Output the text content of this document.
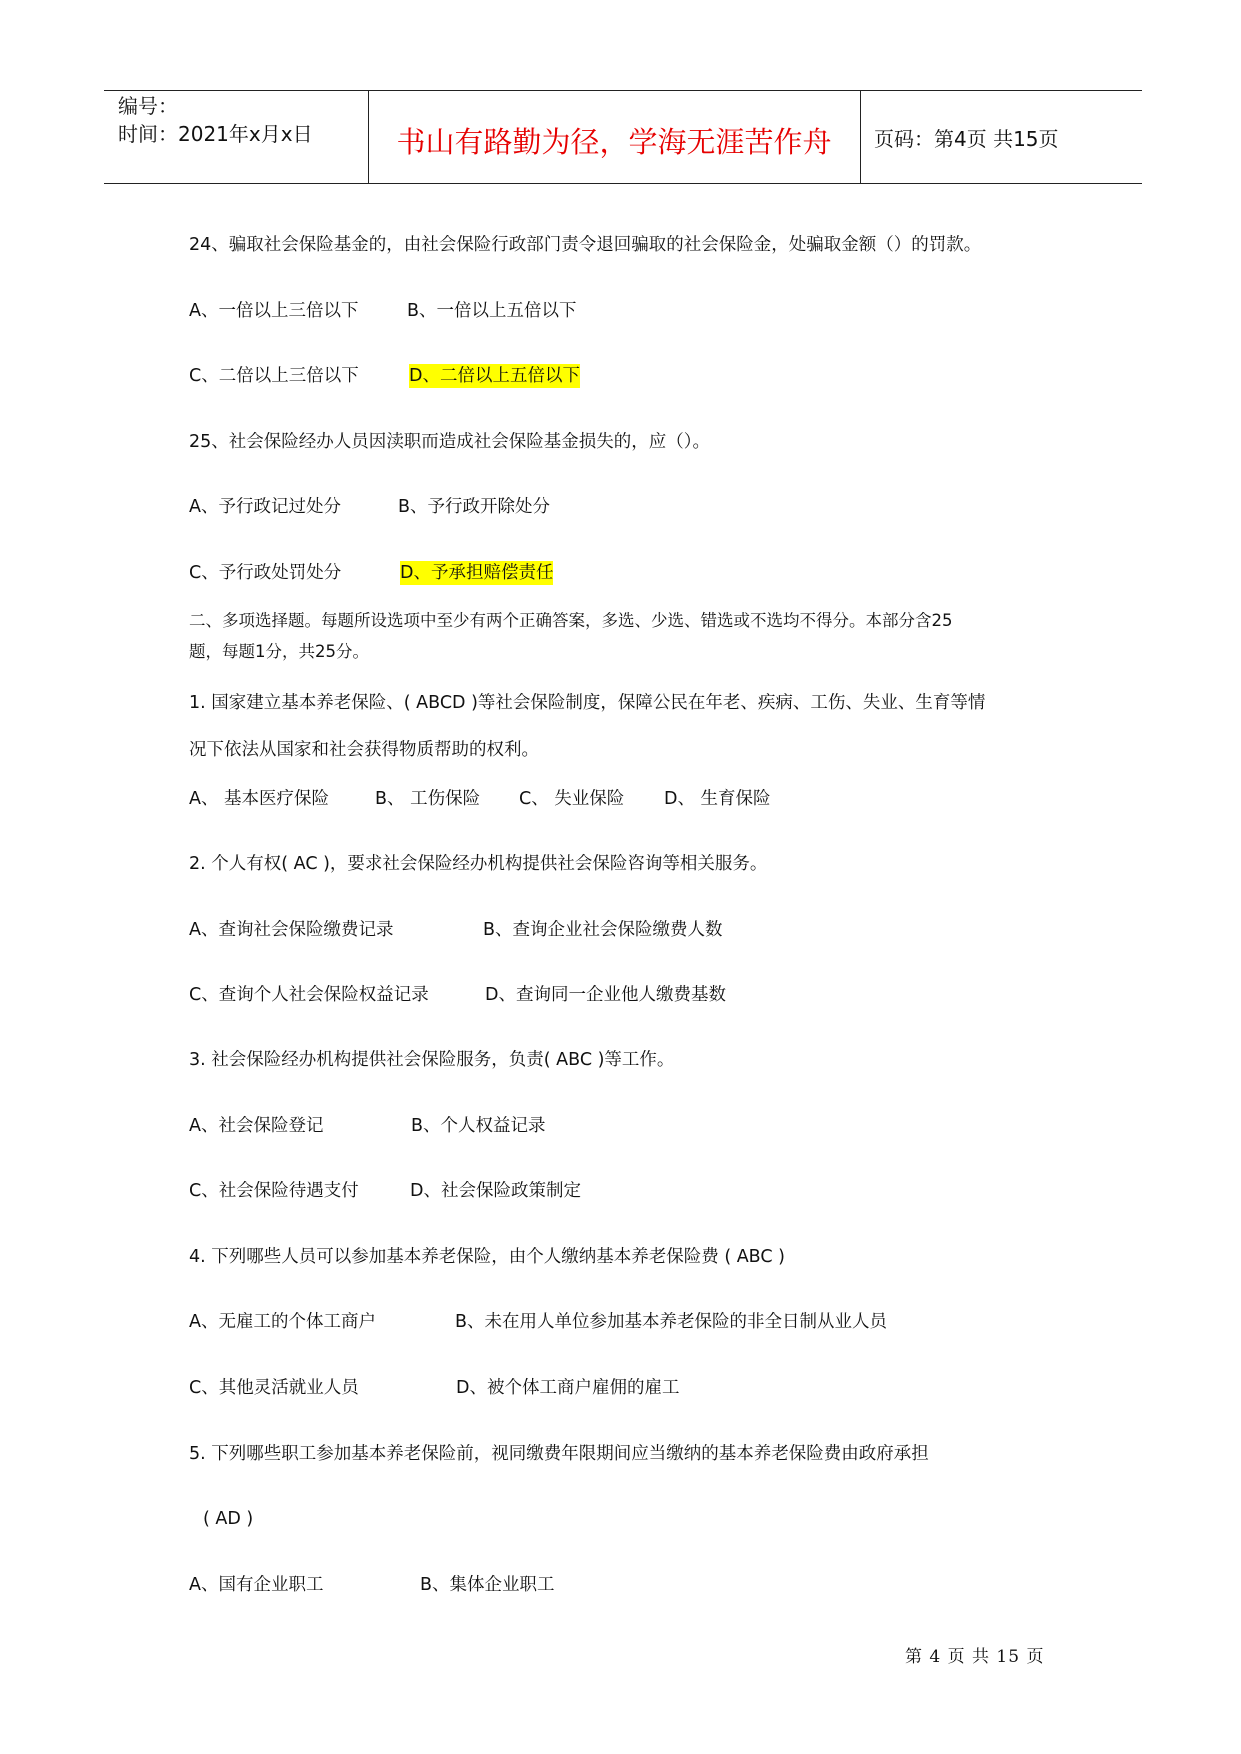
编号：
时间：2021年x月x日	书山有路勤为径，学海无涯苦作舟	页码：第4页 共15页
24、骗取社会保险基金的，由社会保险行政部门责令退回骗取的社会保险金，处骗取金额（）的罚款。
A、一倍以上三倍以下	B、一倍以上五倍以下
C、二倍以上三倍以下	D、二倍以上五倍以下
25、社会保险经办人员因渎职而造成社会保险基金损失的，应（）。
A、予行政记过处分	B、予行政开除处分
C、予行政处罚处分	D、予承担赔偿责任
二、多项选择题。每题所设选项中至少有两个正确答案，多选、少选、错选或不选均不得分。本部分含25
题，每题1分，共25分。
1. 国家建立基本养老保险、( ABCD )等社会保险制度，保障公民在年老、疾病、工伤、失业、生育等情
况下依法从国家和社会获得物质帮助的权利。
A、 基本医疗保险	B、 工伤保险 C、 失业保险 D、 生育保险
2. 个人有权( AC )，要求社会保险经办机构提供社会保险咨询等相关服务。
A、查询社会保险缴费记录	B、查询企业社会保险缴费人数
C、查询个人社会保险权益记录	D、查询同一企业他人缴费基数
3. 社会保险经办机构提供社会保险服务，负责( ABC )等工作。
A、社会保险登记	B、个人权益记录
C、社会保险待遇支付	D、社会保险政策制定
4. 下列哪些人员可以参加基本养老保险，由个人缴纳基本养老保险费 ( ABC )
A、无雇工的个体工商户	B、未在用人单位参加基本养老保险的非全日制从业人员
C、其他灵活就业人员	D、被个体工商户雇佣的雇工
5. 下列哪些职工参加基本养老保险前，视同缴费年限期间应当缴纳的基本养老保险费由政府承担
( AD )
A、国有企业职工	B、集体企业职工
第 4 页 共 15 页
